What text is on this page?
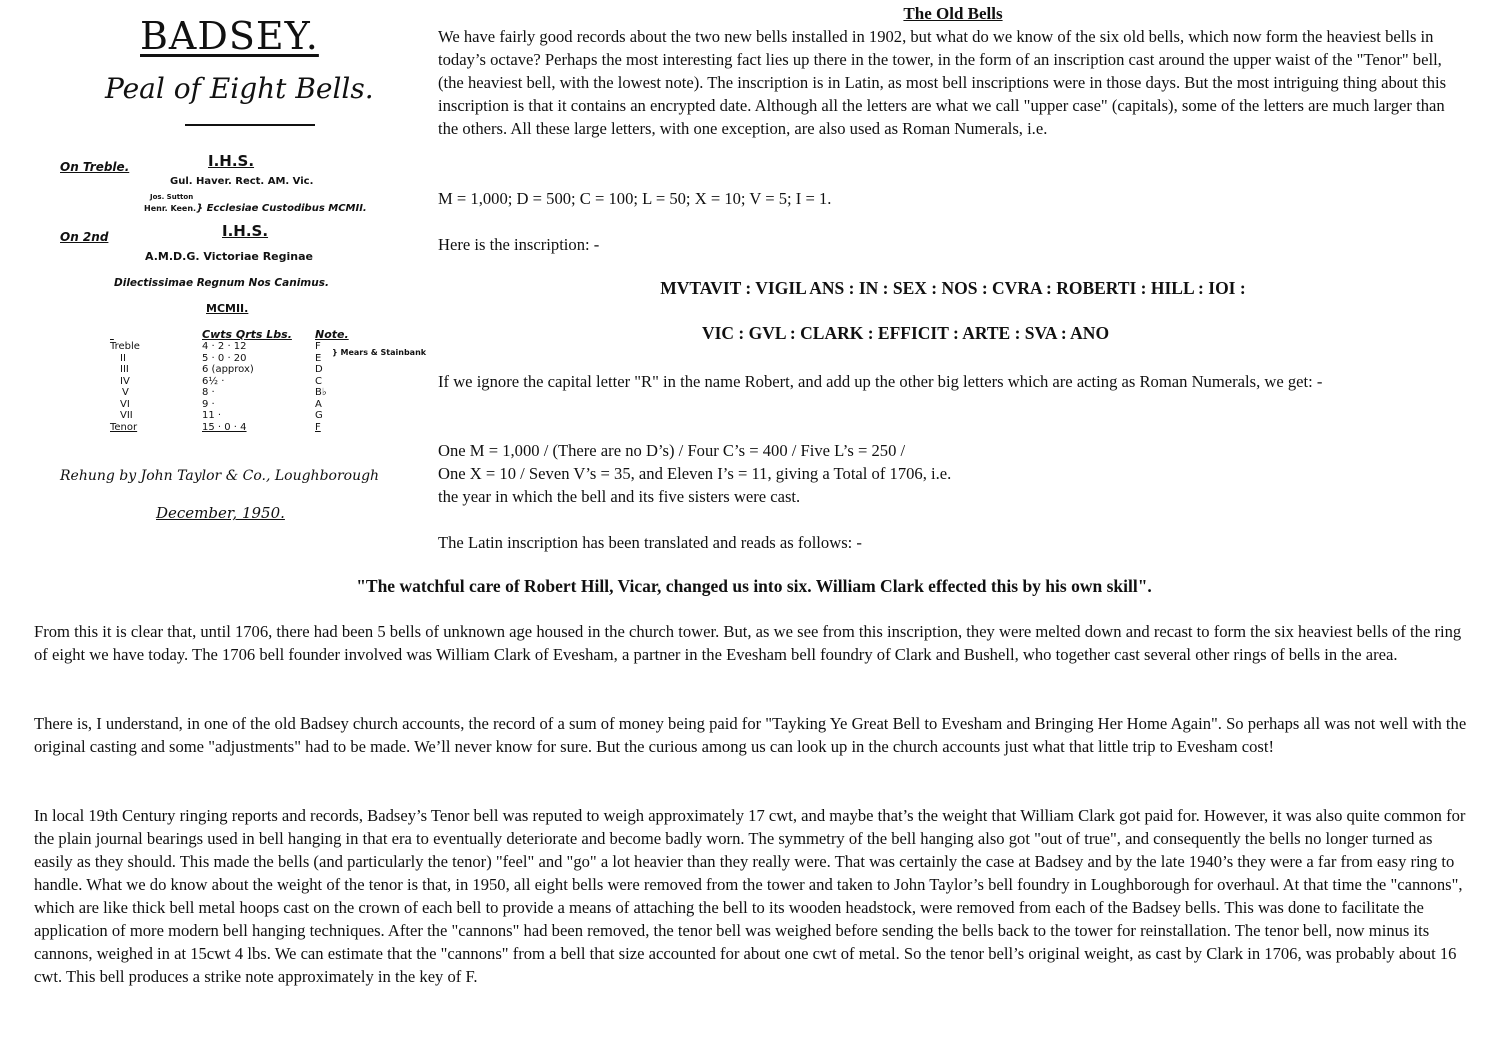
BADSEY.
Peal of Eight Bells.
On Treble.	I.H.S.
Gul. Haver. Rect. AM. Vic.
Jos. Sutton
Henr. Keen. } Ecclesiae Custodibus MCMII.
On 2nd	I.H.S.
A.M.D.G. Victoriae Reginae
Dilectissimae Regnum Nos Canimus.
MCMII.

Treble
II
III
IV
V
VI
VII
Tenor
Cwts Qrts Lbs.
4 · 2 · 12
5 · 0 · 20
6 (approx)
6½ ·
8 ·
9 ·
11 ·
15 · 0 · 4
Note.
F
E
D
C
B♭
A
G
F
} Mears & Stainbank
Rehung by John Taylor & Co., Loughborough
December, 1950.
The Old Bells
We have fairly good records about the two new bells installed in 1902, but what do we know of the six old bells, which now form the heaviest bells in today’s octave? Perhaps the most interesting fact lies up there in the tower, in the form of an inscription cast around the upper waist of the "Tenor" bell, (the heaviest bell, with the lowest note). The inscription is in Latin, as most bell inscriptions were in those days. But the most intriguing thing about this inscription is that it contains an encrypted date. Although all the letters are what we call "upper case" (capitals), some of the letters are much larger than the others. All these large letters, with one exception, are also used as Roman Numerals, i.e.
M = 1,000; D = 500; C = 100; L = 50; X = 10; V = 5; I = 1.
Here is the inscription: -
MVTAVIT : VIGIL ANS : IN : SEX : NOS : CVRA : ROBERTI : HILL : IOI :
VIC : GVL : CLARK : EFFICIT : ARTE : SVA : ANO
If we ignore the capital letter "R" in the name Robert, and add up the other big letters which are acting as Roman Numerals, we get: -
One M = 1,000 / (There are no D’s) / Four C’s = 400 / Five L’s = 250 /
One X = 10 / Seven V’s = 35, and Eleven I’s = 11, giving a Total of 1706, i.e.
the year in which the bell and its five sisters were cast.
The Latin inscription has been translated and reads as follows: -
"The watchful care of Robert Hill, Vicar, changed us into six. William Clark effected this by his own skill".
From this it is clear that, until 1706, there had been 5 bells of unknown age housed in the church tower. But, as we see from this inscription, they were melted down and recast to form the six heaviest bells of the ring of eight we have today. The 1706 bell founder involved was William Clark of Evesham, a partner in the Evesham bell foundry of Clark and Bushell, who together cast several other rings of bells in the area.
There is, I understand, in one of the old Badsey church accounts, the record of a sum of money being paid for "Tayking Ye Great Bell to Evesham and Bringing Her Home Again". So perhaps all was not well with the original casting and some "adjustments" had to be made. We’ll never know for sure. But the curious among us can look up in the church accounts just what that little trip to Evesham cost!
In local 19th Century ringing reports and records, Badsey’s Tenor bell was reputed to weigh approximately 17 cwt, and maybe that’s the weight that William Clark got paid for. However, it was also quite common for the plain journal bearings used in bell hanging in that era to eventually deteriorate and become badly worn. The symmetry of the bell hanging also got "out of true", and consequently the bells no longer turned as easily as they should. This made the bells (and particularly the tenor) "feel" and "go" a lot heavier than they really were. That was certainly the case at Badsey and by the late 1940’s they were a far from easy ring to handle. What we do know about the weight of the tenor is that, in 1950, all eight bells were removed from the tower and taken to John Taylor’s bell foundry in Loughborough for overhaul. At that time the "cannons", which are like thick bell metal hoops cast on the crown of each bell to provide a means of attaching the bell to its wooden headstock, were removed from each of the Badsey bells. This was done to facilitate the application of more modern bell hanging techniques. After the "cannons" had been removed, the tenor bell was weighed before sending the bells back to the tower for reinstallation. The tenor bell, now minus its cannons, weighed in at 15cwt 4 lbs. We can estimate that the "cannons" from a bell that size accounted for about one cwt of metal. So the tenor bell’s original weight, as cast by Clark in 1706, was probably about 16 cwt. This bell produces a strike note approximately in the key of F.
